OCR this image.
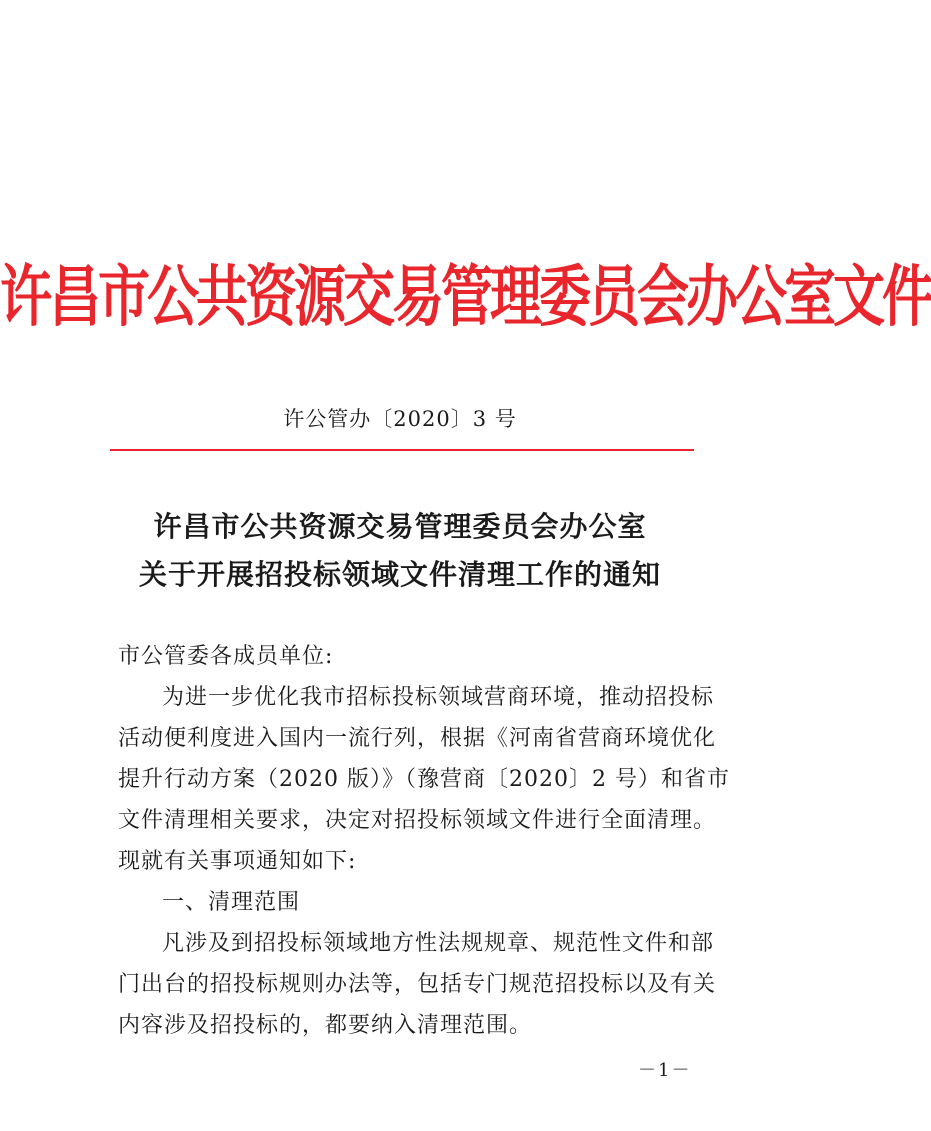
许昌市公共资源交易管理委员会办公室文件
许公管办〔2020〕3 号
许昌市公共资源交易管理委员会办公室
关于开展招投标领域文件清理工作的通知
市公管委各成员单位:
为进一步优化我市招标投标领域营商环境，推动招投标
活动便利度进入国内一流行列，根据《河南省营商环境优化
提升行动方案（2020 版）》（豫营商〔2020〕2 号）和省市
文件清理相关要求，决定对招投标领域文件进行全面清理。
现就有关事项通知如下:
一、清理范围
凡涉及到招投标领域地方性法规规章、规范性文件和部
门出台的招投标规则办法等，包括专门规范招投标以及有关
内容涉及招投标的，都要纳入清理范围。
－1－
